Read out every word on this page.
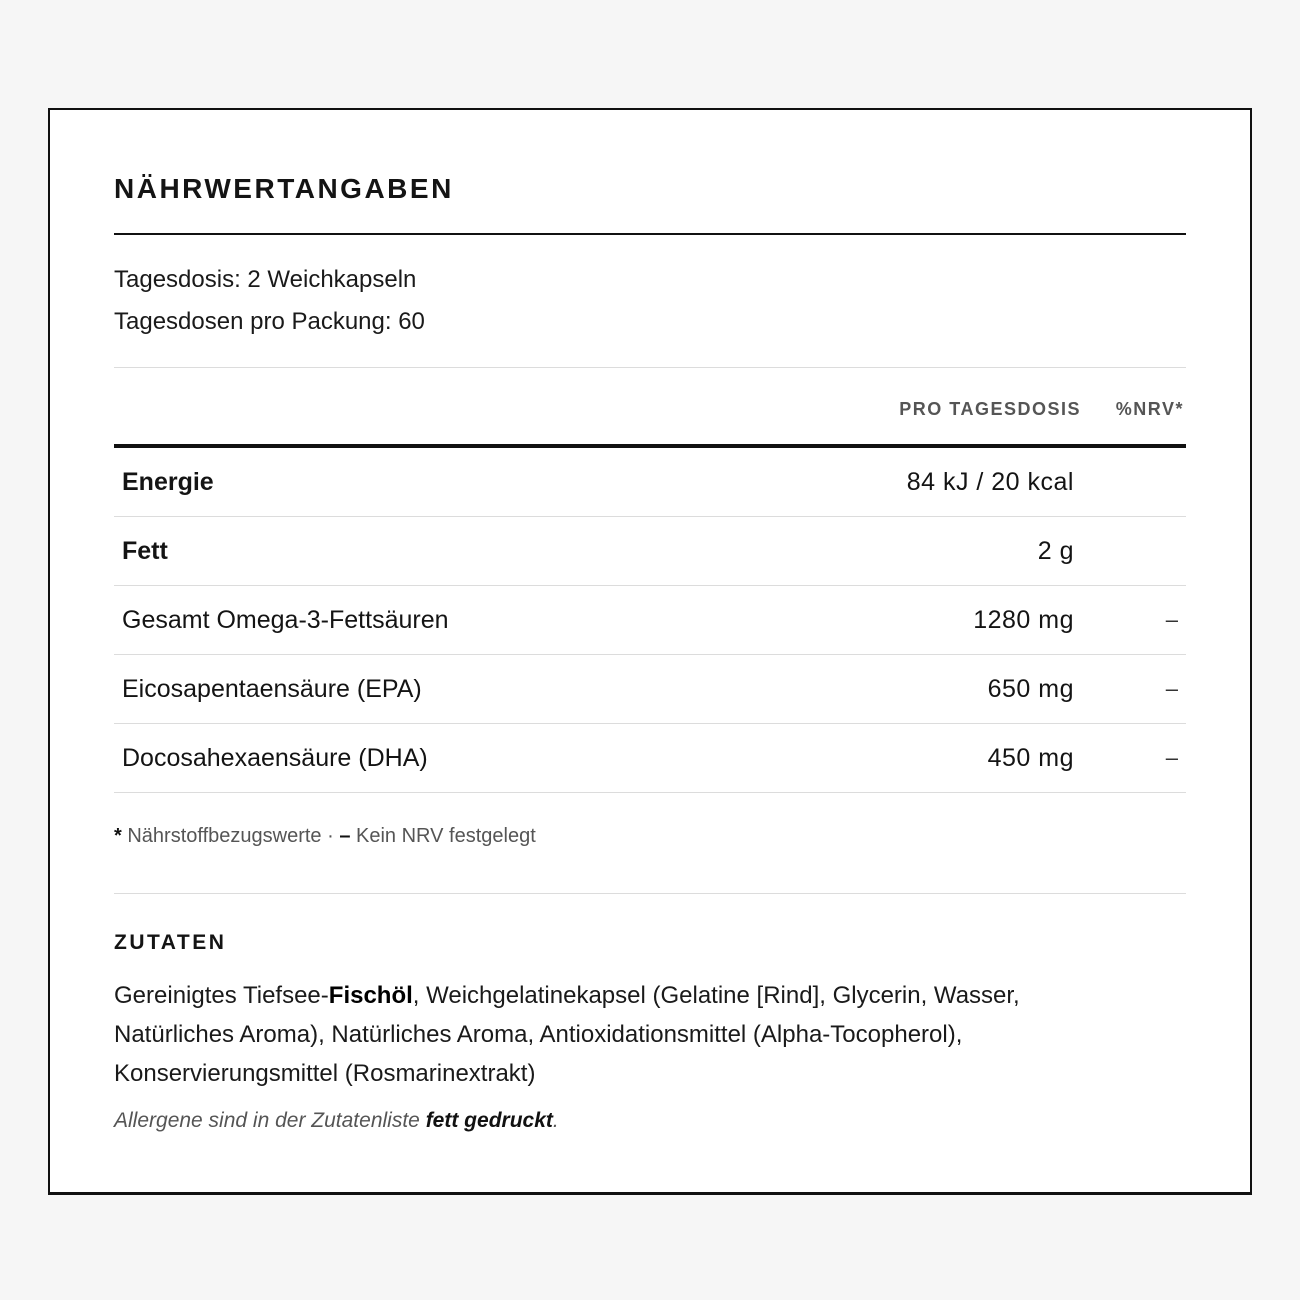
NÄHRWERTANGABEN
Tagesdosis: 2 Weichkapseln
Tagesdosen pro Packung: 60
PRO TAGESDOSIS %NRV*
Energie	84 kJ / 20 kcal
Fett	2 g
Gesamt Omega-3-Fettsäuren	1280 mg	–
Eicosapentaensäure (EPA)	650 mg	–
Docosahexaensäure (DHA)	450 mg	–
* Nährstoffbezugswerte · – Kein NRV festgelegt
ZUTATEN

Gereinigtes Tiefsee-Fischöl, Weichgelatinekapsel (Gelatine [Rind], Glycerin, Wasser, Natürliches Aroma), Natürliches Aroma, Antioxidationsmittel (Alpha-Tocopherol), Konservierungsmittel (Rosmarinextrakt)

Allergene sind in der Zutatenliste fett gedruckt.
